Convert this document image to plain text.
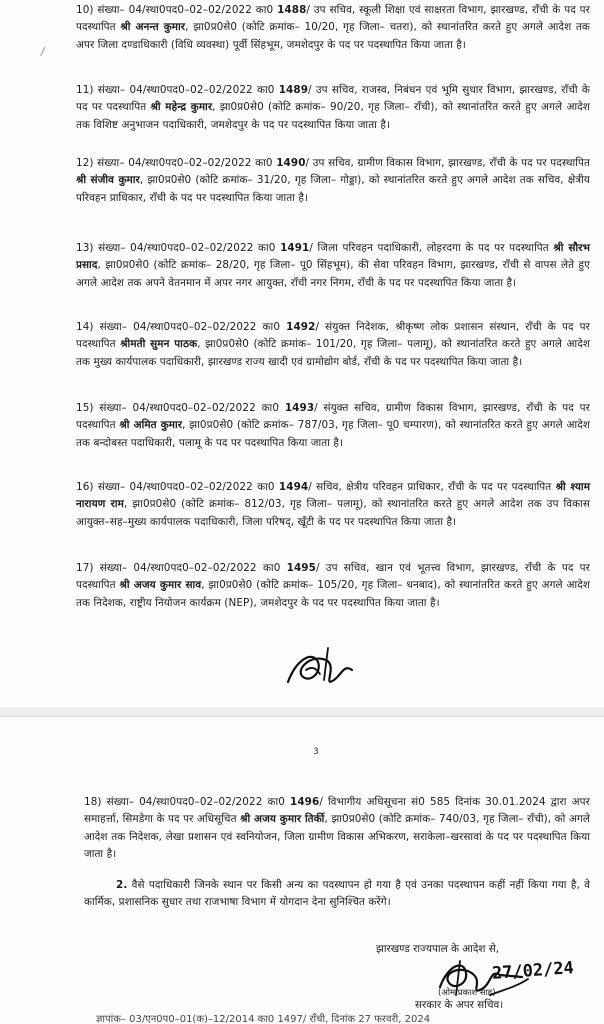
10) संख्या– 04/स्था0पद0–02–02/2022 का0 1488/ उप सचिव, स्कूली शिक्षा एवं साक्षरता विभाग, झारखण्ड, राँची के पद पर पदस्थापित श्री अनन्त कुमार, झा0प्र0से0 (कोटि क्रमांक– 10/20, गृह जिला– चतरा), को स्थानांतरित करते हुए अगले आदेश तक अपर जिला दण्डाधिकारी (विधि व्यवस्था) पूर्वी सिंहभूम, जमशेदपुर के पद पर पदस्थापित किया जाता है।

11) संख्या– 04/स्था0पद0–02–02/2022 का0 1489/ उप सचिव, राजस्व, निबंधन एवं भूमि सुधार विभाग, झारखण्ड, राँची के पद पर पदस्थापित श्री महेन्द्र कुमार, झा0प्र0से0 (कोटि क्रमांक– 90/20, गृह जिला– राँची), को स्थानांतरित करते हुए अगले आदेश तक विशिष्ट अनुभाजन पदाधिकारी, जमशेदपुर के पद पर पदस्थापित किया जाता है।

12) संख्या– 04/स्था0पद0–02–02/2022 का0 1490/ उप सचिव, ग्रामीण विकास विभाग, झारखण्ड, राँची के पद पर पदस्थापित श्री संजीव कुमार, झा0प्र0से0 (कोटि क्रमांक– 31/20, गृह जिला– गोड्डा), को स्थानांतरित करते हुए अगले आदेश तक सचिव, क्षेत्रीय परिवहन प्राधिकार, राँची के पद पर पदस्थापित किया जाता है।

13) संख्या– 04/स्था0पद0–02–02/2022 का0 1491/ जिला परिवहन पदाधिकारी, लोहरदगा के पद पर पदस्थापित श्री सौरभ प्रसाद, झा0प्र0से0 (कोटि क्रमांक– 28/20, गृह जिला– पू0 सिंहभूम), की सेवा परिवहन विभाग, झारखण्ड, राँची से वापस लेते हुए अगले आदेश तक अपने वेतनमान में अपर नगर आयुक्त, राँची नगर निगम, राँची के पद पर पदस्थापित किया जाता है।

14) संख्या– 04/स्था0पद0–02–02/2022 का0 1492/ संयुक्त निदेशक, श्रीकृष्ण लोक प्रशासन संस्थान, राँची के पद पर पदस्थापित श्रीमती सुमन पाठक, झा0प्र0से0 (कोटि क्रमांक– 101/20, गृह जिला– पलामू), को स्थानांतरित करते हुए अगले आदेश तक मुख्य कार्यपालक पदाधिकारी, झारखण्ड राज्य खादी एवं ग्रामोद्योग बोर्ड, राँची के पद पर पदस्थापित किया जाता है।

15) संख्या– 04/स्था0पद0–02–02/2022 का0 1493/ संयुक्त सचिव, ग्रामीण विकास विभाग, झारखण्ड, राँची के पद पर पदस्थापित श्री अमित कुमार, झा0प्र0से0 (कोटि क्रमांक– 787/03, गृह जिला– पू0 चम्पारण), को स्थानांतरित करते हुए अगले आदेश तक बन्दोबस्त पदाधिकारी, पलामू के पद पर पदस्थापित किया जाता है।

16) संख्या– 04/स्था0पद0–02–02/2022 का0 1494/ सचिव, क्षेत्रीय परिवहन प्राधिकार, राँची के पद पर पदस्थापित श्री श्याम नारायण राम, झा0प्र0से0 (कोटि क्रमांक– 812/03, गृह जिला– पलामू), को स्थानांतरित करते हुए अगले आदेश तक उप विकास आयुक्त–सह–मुख्य कार्यपालक पदाधिकारी, जिला परिषद्, खूँटी के पद पर पदस्थापित किया जाता है।

17) संख्या– 04/स्था0पद0–02–02/2022 का0 1495/ उप सचिव, खान एवं भूतत्त्व विभाग, झारखण्ड, राँची के पद पर पदस्थापित श्री अजय कुमार साव, झा0प्र0से0 (कोटि क्रमांक– 105/20, गृह जिला– धनबाद), को स्थानांतरित करते हुए अगले आदेश तक निदेशक, राष्ट्रीय नियोजन कार्यक्रम (NEP), जमशेदपुर के पद पर पदस्थापित किया जाता है।

3

18) संख्या– 04/स्था0पद0–02–02/2022 का0 1496/ विभागीय अधिसूचना सं0 585 दिनांक 30.01.2024 द्वारा अपर समाहर्त्ता, सिमडेगा के पद पर अधिसूचित श्री अजय कुमार तिर्की, झा0प्र0से0 (कोटि क्रमांक– 740/03, गृह जिला– राँची), को अगले आदेश तक निदेशक, लेखा प्रशासन एवं स्वनियोजन, जिला ग्रामीण विकास अभिकरण, सराकेला–खरसावां के पद पर पदस्थापित किया जाता है।

2. वैसे पदाधिकारी जिनके स्थान पर किसी अन्य का पदस्थापन हो गया है एवं उनका पदस्थापन कहीं नहीं किया गया है, वे कार्मिक, प्रशासनिक सुधार तथा राजभाषा विभाग में योगदान देना सुनिश्चित करेंगे।

झारखण्ड राज्यपाल के आदेश से,
27/02/24
(ओम प्रकाश साह)
सरकार के अपर सचिव।
ज्ञापांक– 03/एन0प0–01(क)–12/2014 का0 1497/ राँची, दिनांक 27 फरवरी, 2024
